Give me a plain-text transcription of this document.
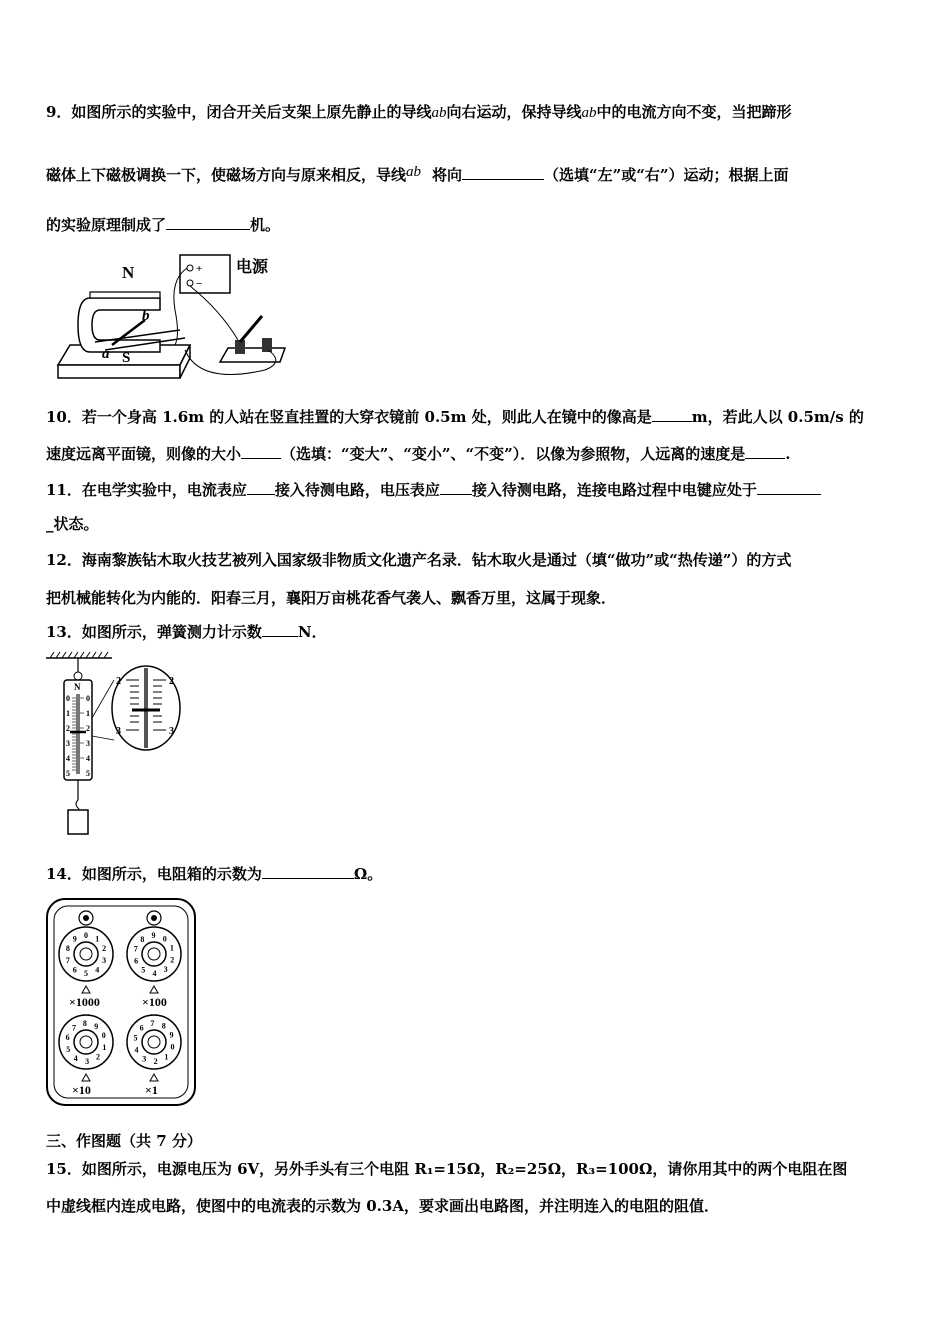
9．如图所示的实验中，闭合开关后支架上原先静止的导线ab向右运动，保持导线ab中的电流方向不变，当把蹄形
磁体上下磁极调换一下，使磁场方向与原来相反，导线 ab 将向	（选填“左”或“右”）运动；根据上面
的实验原理制成了	机。
N
b
a S
+
−
电源
10．若一个身高 1.6m 的人站在竖直挂置的大穿衣镜前 0.5m 处，则此人在镜中的像高是	m，若此人以 0.5m/s 的
速度远离平面镜，则像的大小	（选填：“变大”、“变小”、“不变”）．以像为参照物，人远离的速度是	.
11．在电学实验中，电流表应 接入待测电路，电压表应 接入待测电路，连接电路过程中电键应处于
_状态。
12．海南黎族钻木取火技艺被列入国家级非物质文化遗产名录．钻木取火是通过（填“做功”或“热传递”）的方式
把机械能转化为内能的．阳春三月，襄阳万亩桃花香气袭人、飘香万里，这属于现象．
13．如图所示，弹簧测力计示数 N．
N
0 0
1 1
2 2
3 3
4 4
5 5
2	2
3	3
14．如图所示，电阻箱的示数为	Ω。
0 1
2
3
4
5
6
7
8
9	0
1
2
3
4
5
6
7
8 9
0
1
2
3
4
5
6
7 8 9
0
1
2
3
4
5
6 7 8
9
×1000	×100
×10	×1
三、作图题（共 7 分）
15．如图所示，电源电压为 6V，另外手头有三个电阻 R₁=15Ω，R₂=25Ω，R₃=100Ω，请你用其中的两个电阻在图
中虚线框内连成电路，使图中的电流表的示数为 0.3A，要求画出电路图，并注明连入的电阻的阻值．
